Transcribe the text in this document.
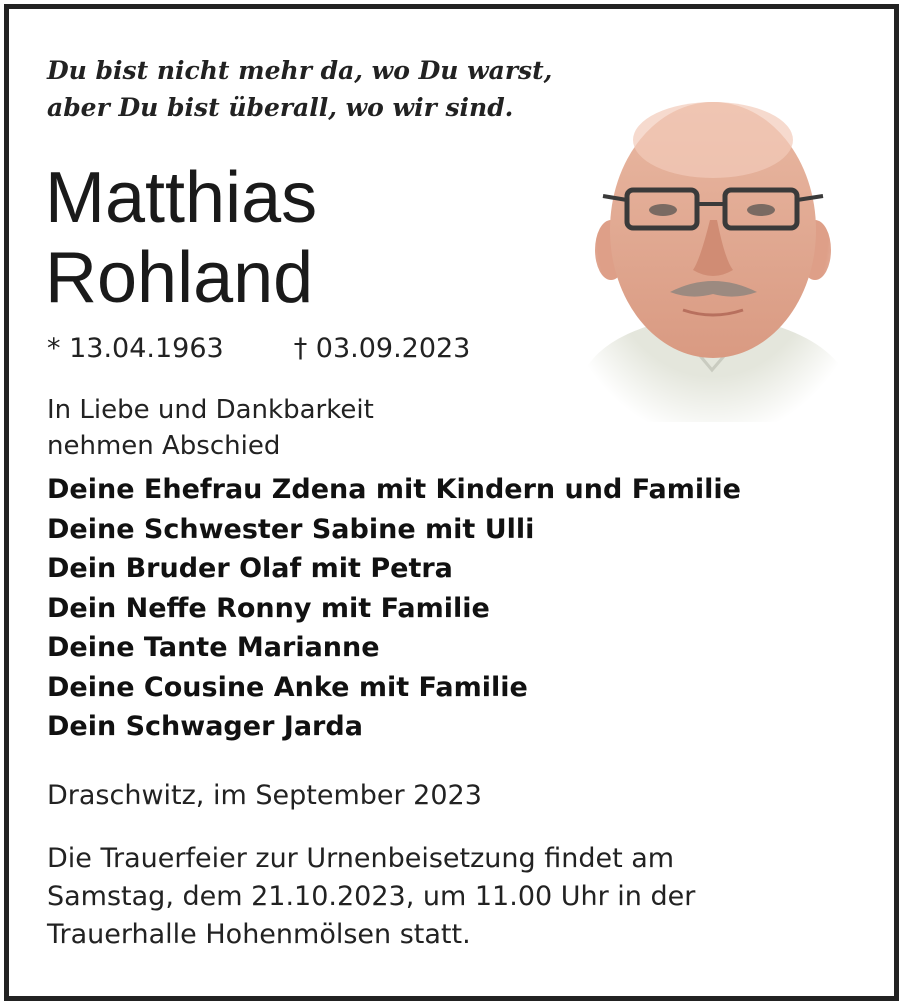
Du bist nicht mehr da, wo Du warst,
aber Du bist überall, wo wir sind.
Matthias
Rohland
* 13.04.1963	† 03.09.2023
In Liebe und Dankbarkeit
nehmen Abschied
Deine Ehefrau Zdena mit Kindern und Familie
Deine Schwester Sabine mit Ulli
Dein Bruder Olaf mit Petra
Dein Neffe Ronny mit Familie
Deine Tante Marianne
Deine Cousine Anke mit Familie
Dein Schwager Jarda
Draschwitz, im September 2023
Die Trauerfeier zur Urnenbeisetzung findet am
Samstag, dem 21.10.2023, um 11.00 Uhr in der
Trauerhalle Hohenmölsen statt.
